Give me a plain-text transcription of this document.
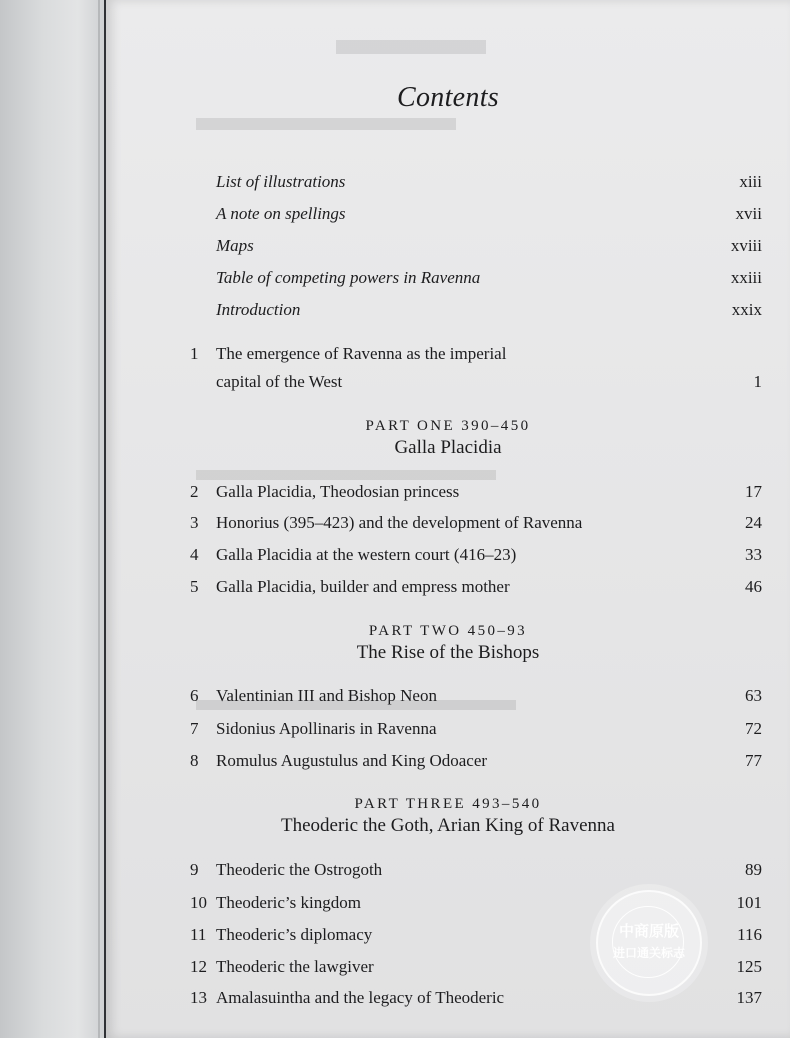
Contents
List of illustrations	xiii
A note on spellings	xvii
Maps	xviii
Table of competing powers in Ravenna	xxiii
Introduction	xxix
1	The emergence of Ravenna as the imperial
capital of the West	1
PART ONE 390–450
Galla Placidia
2	Galla Placidia, Theodosian princess	17
3	Honorius (395–423) and the development of Ravenna	24
4	Galla Placidia at the western court (416–23)	33
5	Galla Placidia, builder and empress mother	46
PART TWO 450–93
The Rise of the Bishops
6	Valentinian III and Bishop Neon	63
7	Sidonius Apollinaris in Ravenna	72
8	Romulus Augustulus and King Odoacer	77
PART THREE 493–540
Theoderic the Goth, Arian King of Ravenna
9	Theoderic the Ostrogoth	89
10 Theoderic’s kingdom	101
11 Theoderic’s diplomacy	116
12 Theoderic the lawgiver	125
13 Amalasuintha and the legacy of Theoderic	137
中商原版
进口通关标志
